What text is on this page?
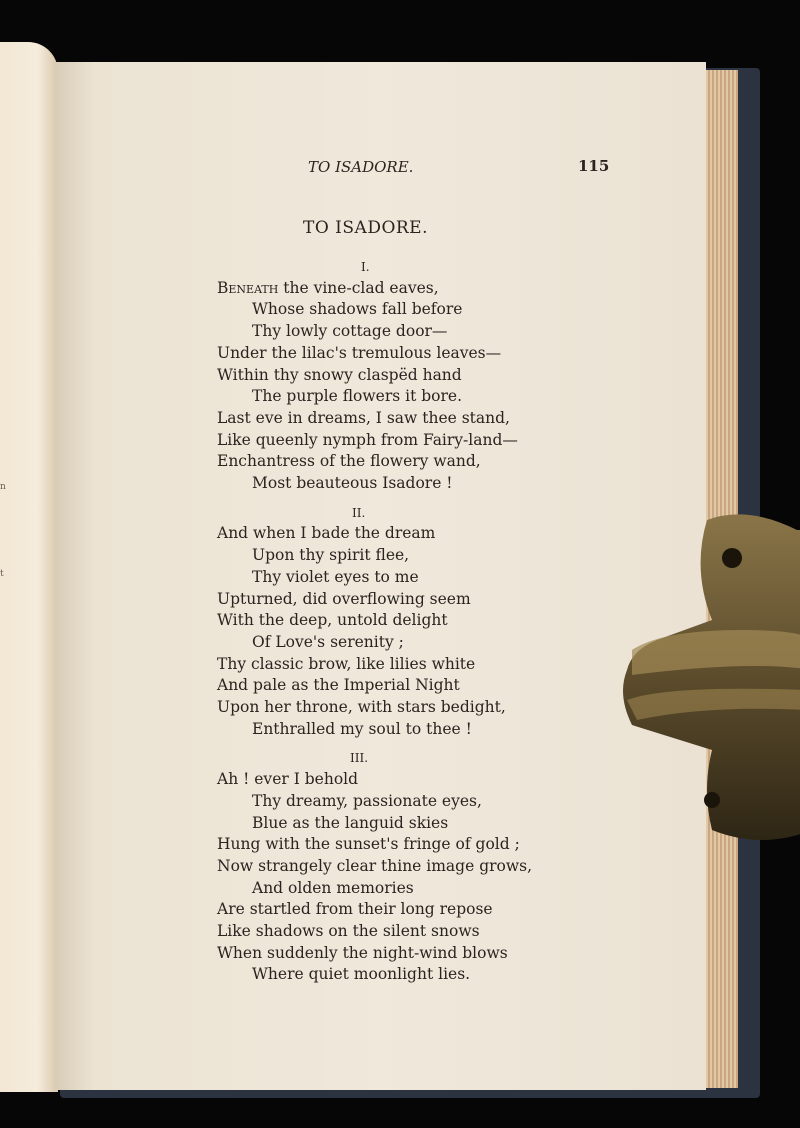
n
t
TO ISADORE.	115
TO ISADORE.
I.
Beneath the vine-clad eaves,
Whose shadows fall before
Thy lowly cottage door—
Under the lilac's tremulous leaves—
Within thy snowy claspëd hand
The purple flowers it bore.
Last eve in dreams, I saw thee stand,
Like queenly nymph from Fairy-land—
Enchantress of the flowery wand,
Most beauteous Isadore !
II.
And when I bade the dream
Upon thy spirit flee,
Thy violet eyes to me
Upturned, did overflowing seem
With the deep, untold delight
Of Love's serenity ;
Thy classic brow, like lilies white
And pale as the Imperial Night
Upon her throne, with stars bedight,
Enthralled my soul to thee !
III.
Ah ! ever I behold
Thy dreamy, passionate eyes,
Blue as the languid skies
Hung with the sunset's fringe of gold ;
Now strangely clear thine image grows,
And olden memories
Are startled from their long repose
Like shadows on the silent snows
When suddenly the night-wind blows
Where quiet moonlight lies.
